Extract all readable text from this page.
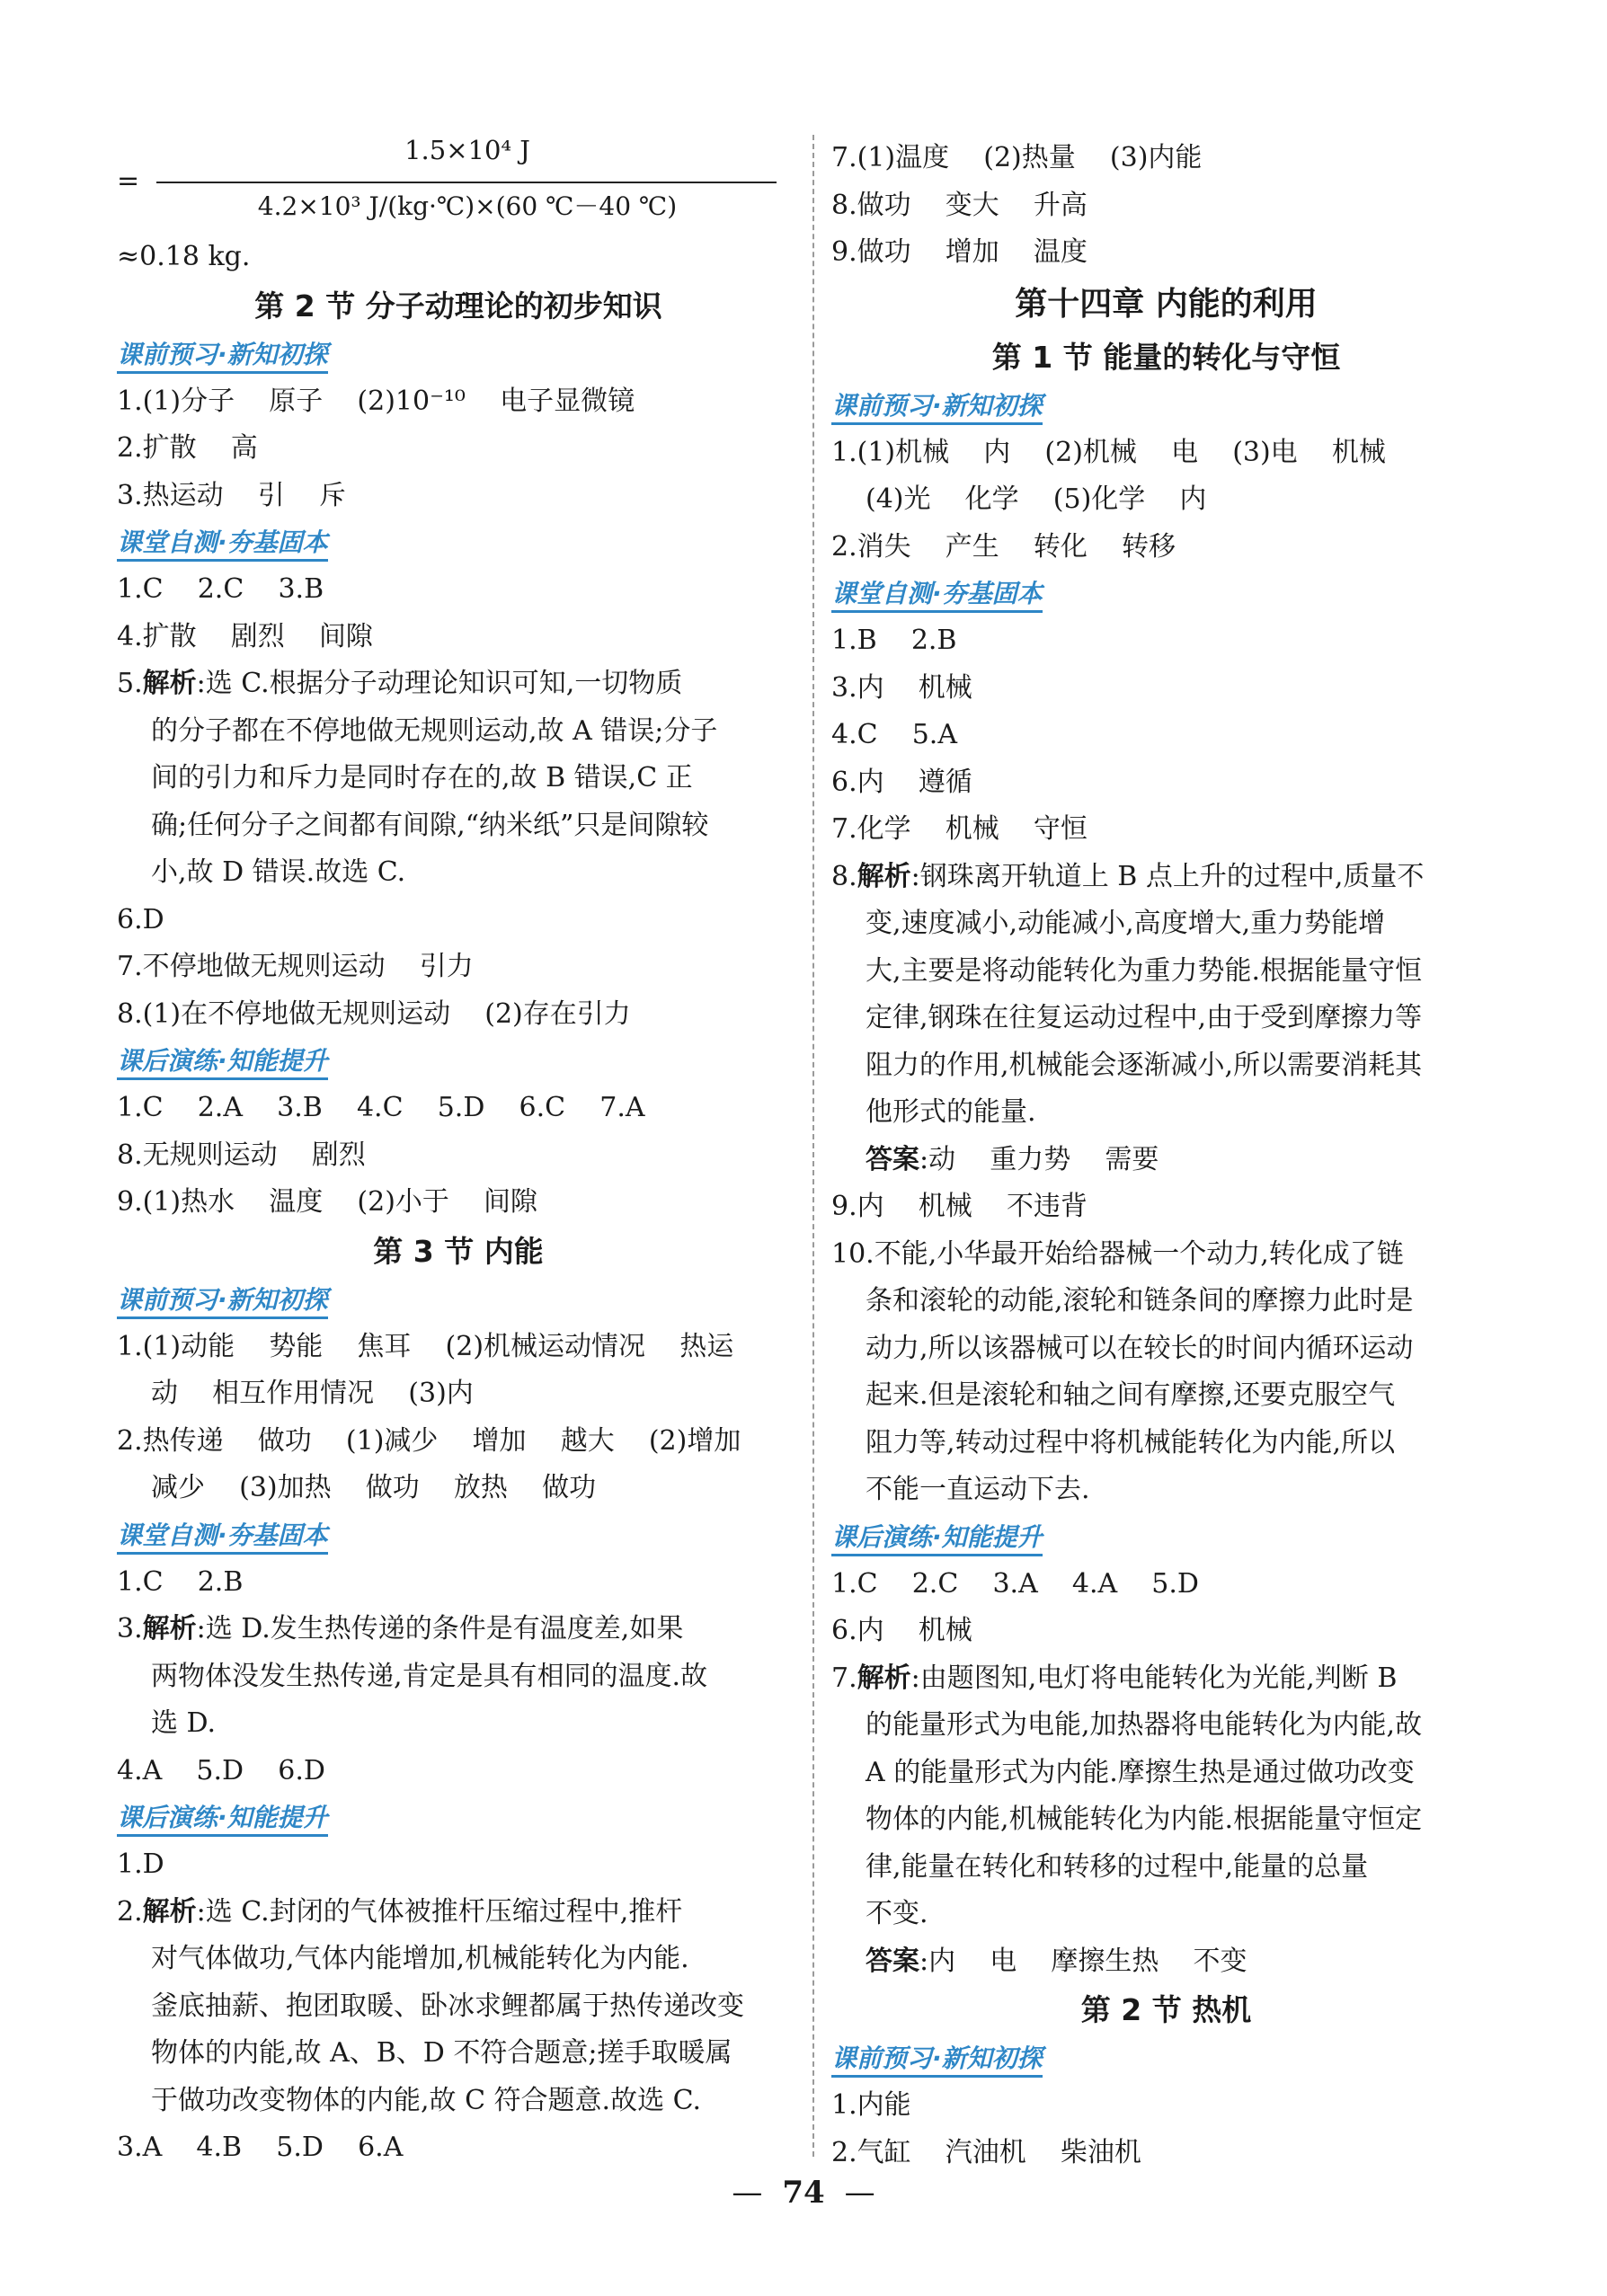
=
1.5×10⁴ J
4.2×10³ J/(kg·℃)×(60 ℃－40 ℃)
≈0.18 kg.
第 2 节 分子动理论的初步知识
课前预习·新知初探
1.(1)分子    原子    (2)10⁻¹⁰    电子显微镜
2.扩散    高
3.热运动    引    斥
课堂自测·夯基固本
1.C    2.C    3.B
4.扩散    剧烈    间隙
5.解析:选 C.根据分子动理论知识可知,一切物质
的分子都在不停地做无规则运动,故 A 错误;分子
间的引力和斥力是同时存在的,故 B 错误,C 正
确;任何分子之间都有间隙,“纳米纸”只是间隙较
小,故 D 错误.故选 C.
6.D
7.不停地做无规则运动    引力
8.(1)在不停地做无规则运动    (2)存在引力
课后演练·知能提升
1.C    2.A    3.B    4.C    5.D    6.C    7.A
8.无规则运动    剧烈
9.(1)热水    温度    (2)小于    间隙
第 3 节 内能
课前预习·新知初探
1.(1)动能    势能    焦耳    (2)机械运动情况    热运
动    相互作用情况    (3)内
2.热传递    做功    (1)减少    增加    越大    (2)增加
减少    (3)加热    做功    放热    做功
课堂自测·夯基固本
1.C    2.B
3.解析:选 D.发生热传递的条件是有温度差,如果
两物体没发生热传递,肯定是具有相同的温度.故
选 D.
4.A    5.D    6.D
课后演练·知能提升
1.D
2.解析:选 C.封闭的气体被推杆压缩过程中,推杆
对气体做功,气体内能增加,机械能转化为内能.
釜底抽薪、抱团取暖、卧冰求鲤都属于热传递改变
物体的内能,故 A、B、D 不符合题意;搓手取暖属
于做功改变物体的内能,故 C 符合题意.故选 C.
3.A    4.B    5.D    6.A
7.(1)温度    (2)热量    (3)内能
8.做功    变大    升高
9.做功    增加    温度
第十四章 内能的利用
第 1 节 能量的转化与守恒
课前预习·新知初探
1.(1)机械    内    (2)机械    电    (3)电    机械
(4)光    化学    (5)化学    内
2.消失    产生    转化    转移
课堂自测·夯基固本
1.B    2.B
3.内    机械
4.C    5.A
6.内    遵循
7.化学    机械    守恒
8.解析:钢珠离开轨道上 B 点上升的过程中,质量不
变,速度减小,动能减小,高度增大,重力势能增
大,主要是将动能转化为重力势能.根据能量守恒
定律,钢珠在往复运动过程中,由于受到摩擦力等
阻力的作用,机械能会逐渐减小,所以需要消耗其
他形式的能量.
答案:动    重力势    需要
9.内    机械    不违背
10.不能,小华最开始给器械一个动力,转化成了链
条和滚轮的动能,滚轮和链条间的摩擦力此时是
动力,所以该器械可以在较长的时间内循环运动
起来.但是滚轮和轴之间有摩擦,还要克服空气
阻力等,转动过程中将机械能转化为内能,所以
不能一直运动下去.
课后演练·知能提升
1.C    2.C    3.A    4.A    5.D
6.内    机械
7.解析:由题图知,电灯将电能转化为光能,判断 B
的能量形式为电能,加热器将电能转化为内能,故
A 的能量形式为内能.摩擦生热是通过做功改变
物体的内能,机械能转化为内能.根据能量守恒定
律,能量在转化和转移的过程中,能量的总量
不变.
答案:内    电    摩擦生热    不变
第 2 节 热机
课前预习·新知初探
1.内能
2.气缸    汽油机    柴油机
— 74 —
